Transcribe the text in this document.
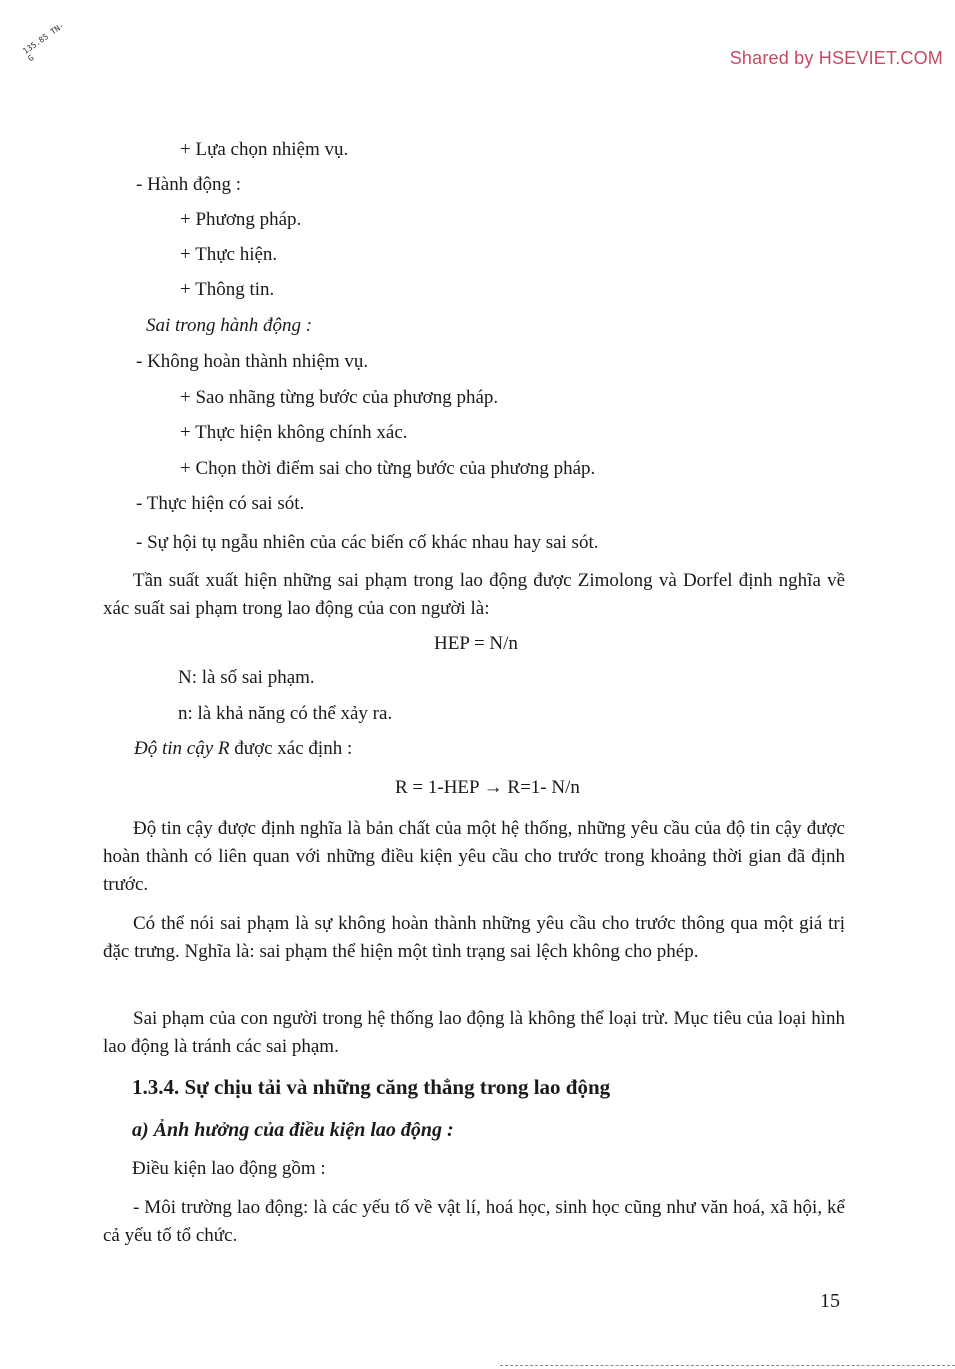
135.85 TN-G	Shared by HSEVIET.COM
+ Lựa chọn nhiệm vụ.
- Hành động :
+ Phương pháp.
+ Thực hiện.
+ Thông tin.
Sai trong hành động :
- Không hoàn thành nhiệm vụ.
+ Sao nhãng từng bước của phương pháp.
+ Thực hiện không chính xác.
+ Chọn thời điểm sai cho từng bước của phương pháp.
- Thực hiện có sai sót.
- Sự hội tụ ngẫu nhiên của các biến cố khác nhau hay sai sót.
Tần suất xuất hiện những sai phạm trong lao động được Zimolong và Dorfel định nghĩa về xác suất sai phạm trong lao động của con người là:
HEP = N/n
N: là số sai phạm.
n: là khả năng có thể xảy ra.
Độ tin cậy R được xác định :
R = 1-HEP → R=1- N/n
Độ tin cậy được định nghĩa là bản chất của một hệ thống, những yêu cầu của độ tin cậy được hoàn thành có liên quan với những điều kiện yêu cầu cho trước trong khoảng thời gian đã định trước.
Có thể nói sai phạm là sự không hoàn thành những yêu cầu cho trước thông qua một giá trị đặc trưng. Nghĩa là: sai phạm thể hiện một tình trạng sai lệch không cho phép.
Sai phạm của con người trong hệ thống lao động là không thể loại trừ. Mục tiêu của loại hình lao động là tránh các sai phạm.
1.3.4. Sự chịu tải và những căng thẳng trong lao động
a) Ảnh hưởng của điều kiện lao động :
Điều kiện lao động gồm :
- Môi trường lao động: là các yếu tố về vật lí, hoá học, sinh học cũng như văn hoá, xã hội, kể cả yếu tố tổ chức.
15
